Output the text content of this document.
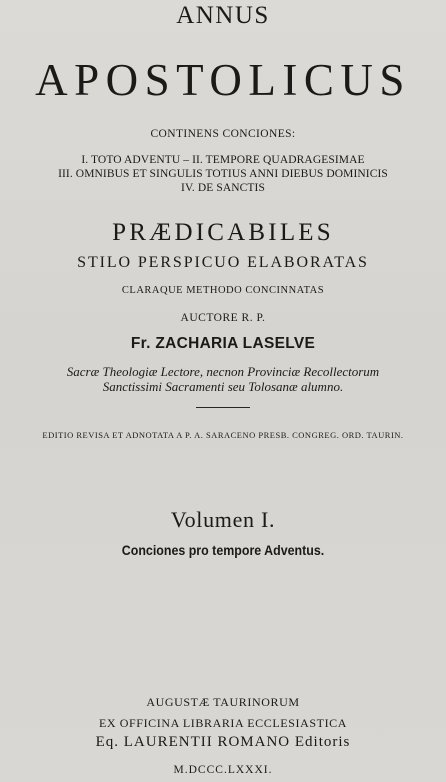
ANNUS
APOSTOLICUS
CONTINENS CONCIONES:
I. TOTO ADVENTU – II. TEMPORE QUADRAGESIMAE
III. OMNIBUS ET SINGULIS TOTIUS ANNI DIEBUS DOMINICIS
IV. DE SANCTIS
PRÆDICABILES
STILO PERSPICUO ELABORATAS
CLARAQUE METHODO CONCINNATAS
AUCTORE R. P.
Fr. ZACHARIA LASELVE
Sacræ Theologiæ Lectore, necnon Provinciæ Recollectorum
Sanctissimi Sacramenti seu Tolosanæ alumno.
EDITIO REVISA ET ADNOTATA A P. A. SARACENO PRESB. CONGREG. ORD. TAURIN.
Volumen I.
Conciones pro tempore Adventus.
AUGUSTÆ TAURINORUM
EX OFFICINA LIBRARIA ECCLESIASTICA
Eq. LAURENTII ROMANO Editoris
M.DCCC.LXXXI.
